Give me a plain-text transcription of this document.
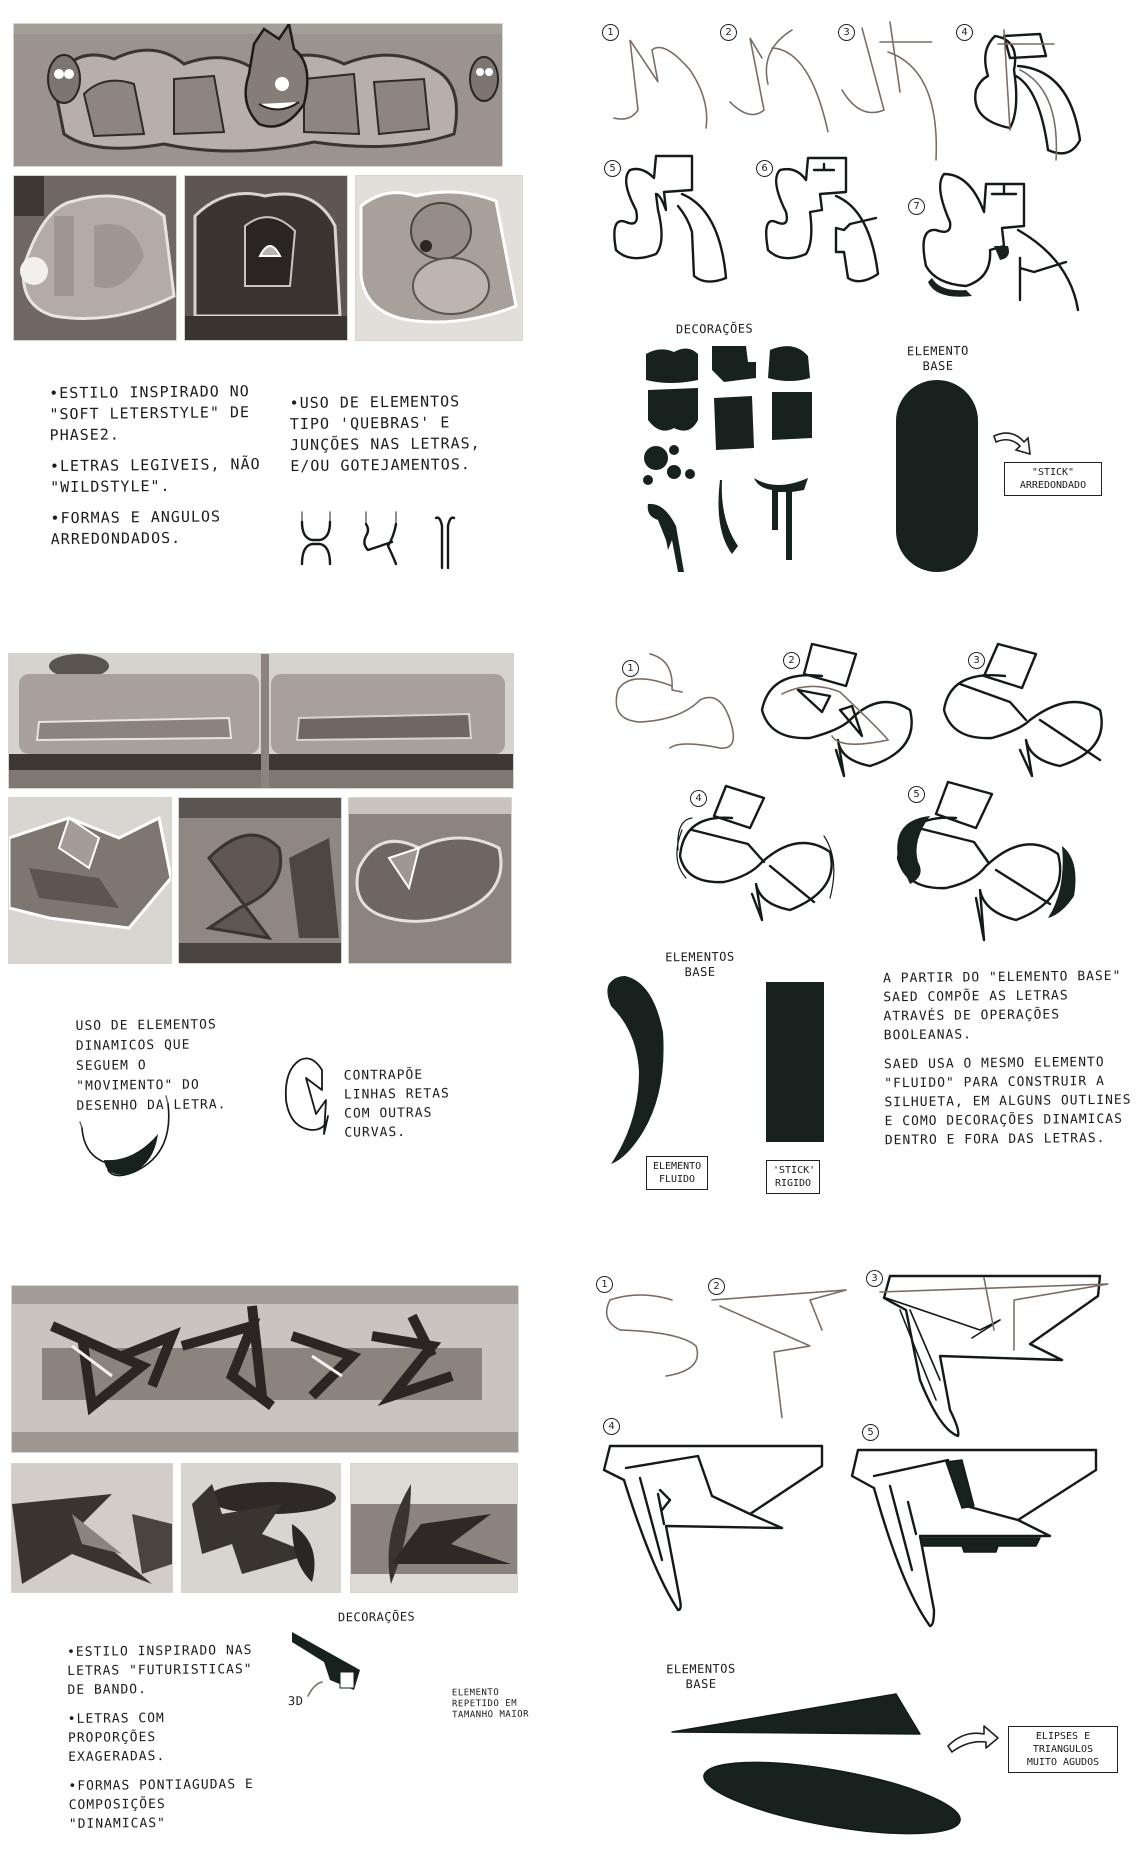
•ESTILO INSPIRADO NO "SOFT LETERSTYLE" DE PHASE2.

•LETRAS LEGIVEIS, NÃO "WILDSTYLE".

•FORMAS E ANGULOS ARREDONDADOS.

•USO DE ELEMENTOS TIPO 'QUEBRAS' E JUNÇÕES NAS LETRAS, E/OU GOTEJAMENTOS.

1	2	3	4
5	6
7
DECORAÇÕES
ELEMENTO BASE
"STICK" ARREDONDADO
USO DE ELEMENTOS DINAMICOS QUE SEGUEM O "MOVIMENTO" DO DESENHO DA LETRA.
CONTRAPÕE LINHAS RETAS COM OUTRAS CURVAS.
1
2	3
4	5
ELEMENTOS BASE
ELEMENTO FLUIDO
'STICK' RIGIDO

A PARTIR DO "ELEMENTO BASE" SAED COMPÕE AS LETRAS ATRAVÉS DE OPERAÇÕES BOOLEANAS.

SAED USA O MESMO ELEMENTO "FLUIDO" PARA CONSTRUIR A SILHUETA, EM ALGUNS OUTLINES E COMO DECORAÇÕES DINAMICAS DENTRO E FORA DAS LETRAS.

•ESTILO INSPIRADO NAS LETRAS "FUTURISTICAS" DE BANDO.

•LETRAS COM PROPORÇÕES EXAGERADAS.

•FORMAS PONTIAGUDAS E COMPOSIÇÕES "DINAMICAS"

DECORAÇÕES
3D
ELEMENTO REPETIDO EM TAMANHO MAIOR
1	2
3
4
5
ELEMENTOS BASE
ELIPSES E TRIANGULOS MUITO AGUDOS
